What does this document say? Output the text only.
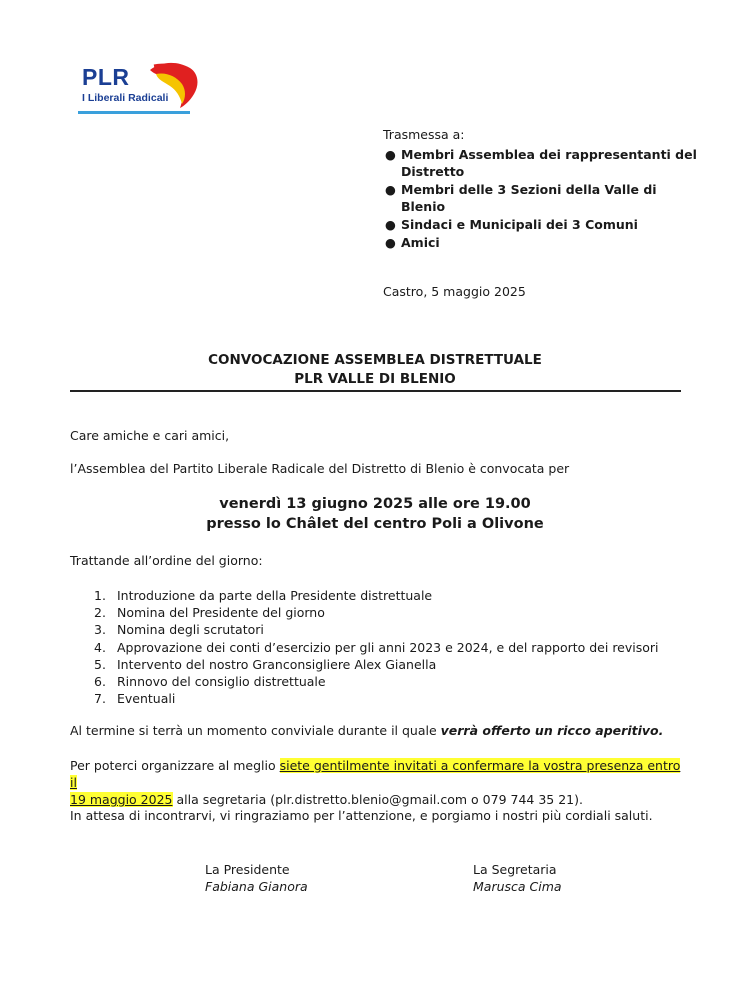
PLR
I Liberali Radicali
Trasmessa a:
● Membri Assemblea dei rappresentanti del Distretto
● Membri delle 3 Sezioni della Valle di Blenio
● Sindaci e Municipali dei 3 Comuni
● Amici
Castro, 5 maggio 2025
CONVOCAZIONE ASSEMBLEA DISTRETTUALE
PLR VALLE DI BLENIO
Care amiche e cari amici,
l’Assemblea del Partito Liberale Radicale del Distretto di Blenio è convocata per
venerdì 13 giugno 2025 alle ore 19.00
presso lo Châlet del centro Poli a Olivone
Trattande all’ordine del giorno:
1. Introduzione da parte della Presidente distrettuale
2. Nomina del Presidente del giorno
3. Nomina degli scrutatori
4. Approvazione dei conti d’esercizio per gli anni 2023 e 2024, e del rapporto dei revisori
5. Intervento del nostro Granconsigliere Alex Gianella
6. Rinnovo del consiglio distrettuale
7. Eventuali
Al termine si terrà un momento conviviale durante il quale verrà offerto un ricco aperitivo.
Per poterci organizzare al meglio siete gentilmente invitati a confermare la vostra presenza entro il
19 maggio 2025 alla segretaria (plr.distretto.blenio@gmail.com o 079 744 35 21).
In attesa di incontrarvi, vi ringraziamo per l’attenzione, e porgiamo i nostri più cordiali saluti.
La Presidente
Fabiana Gianora
La Segretaria
Marusca Cima
